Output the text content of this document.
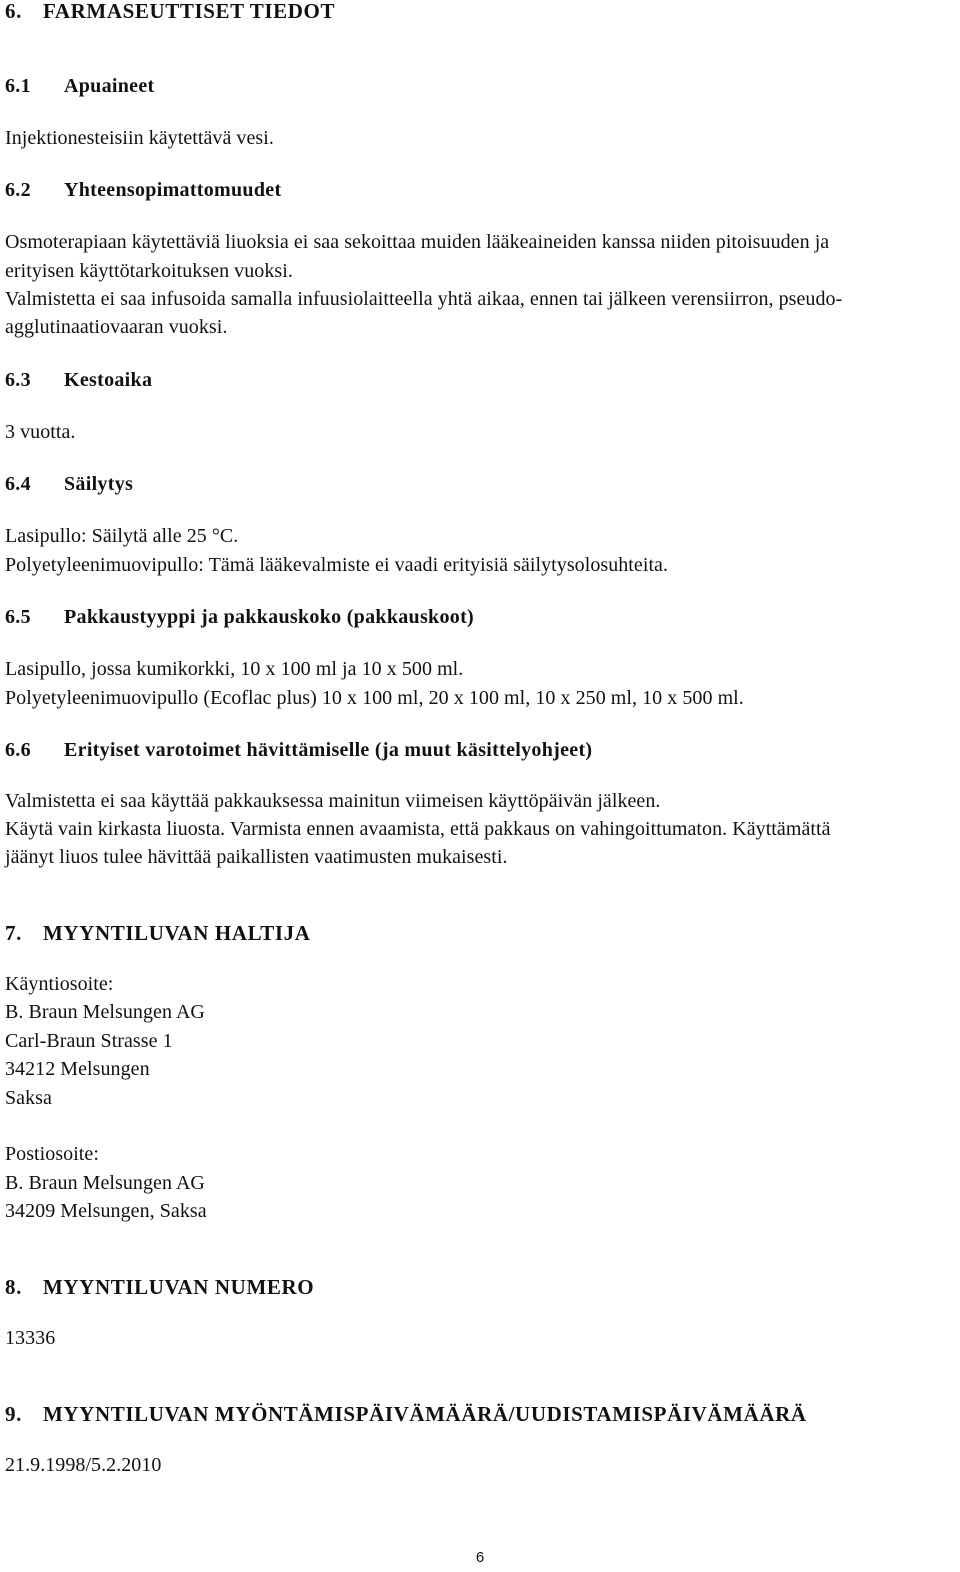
6. FARMASEUTTISET TIEDOT

6.1 Apuaineet

Injektionesteisiin käytettävä vesi.

6.2 Yhteensopimattomuudet

Osmoterapiaan käytettäviä liuoksia ei saa sekoittaa muiden lääkeaineiden kanssa niiden pitoisuuden ja

erityisen käyttötarkoituksen vuoksi.

Valmistetta ei saa infusoida samalla infuusiolaitteella yhtä aikaa, ennen tai jälkeen verensiirron, pseudo-

agglutinaatiovaaran vuoksi.

6.3 Kestoaika

3 vuotta.

6.4 Säilytys

Lasipullo: Säilytä alle 25 °C.

Polyetyleenimuovipullo: Tämä lääkevalmiste ei vaadi erityisiä säilytysolosuhteita.

6.5 Pakkaustyyppi ja pakkauskoko (pakkauskoot)

Lasipullo, jossa kumikorkki, 10 x 100 ml ja 10 x 500 ml.

Polyetyleenimuovipullo (Ecoflac plus) 10 x 100 ml, 20 x 100 ml, 10 x 250 ml, 10 x 500 ml.

6.6 Erityiset varotoimet hävittämiselle (ja muut käsittelyohjeet)

Valmistetta ei saa käyttää pakkauksessa mainitun viimeisen käyttöpäivän jälkeen.

Käytä vain kirkasta liuosta. Varmista ennen avaamista, että pakkaus on vahingoittumaton. Käyttämättä

jäänyt liuos tulee hävittää paikallisten vaatimusten mukaisesti.

7. MYYNTILUVAN HALTIJA

Käyntiosoite:

B. Braun Melsungen AG

Carl-Braun Strasse 1

34212 Melsungen

Saksa

Postiosoite:

B. Braun Melsungen AG

34209 Melsungen, Saksa

8. MYYNTILUVAN NUMERO

13336

9. MYYNTILUVAN MYÖNTÄMISPÄIVÄMÄÄRÄ/UUDISTAMISPÄIVÄMÄÄRÄ

21.9.1998/5.2.2010

6
